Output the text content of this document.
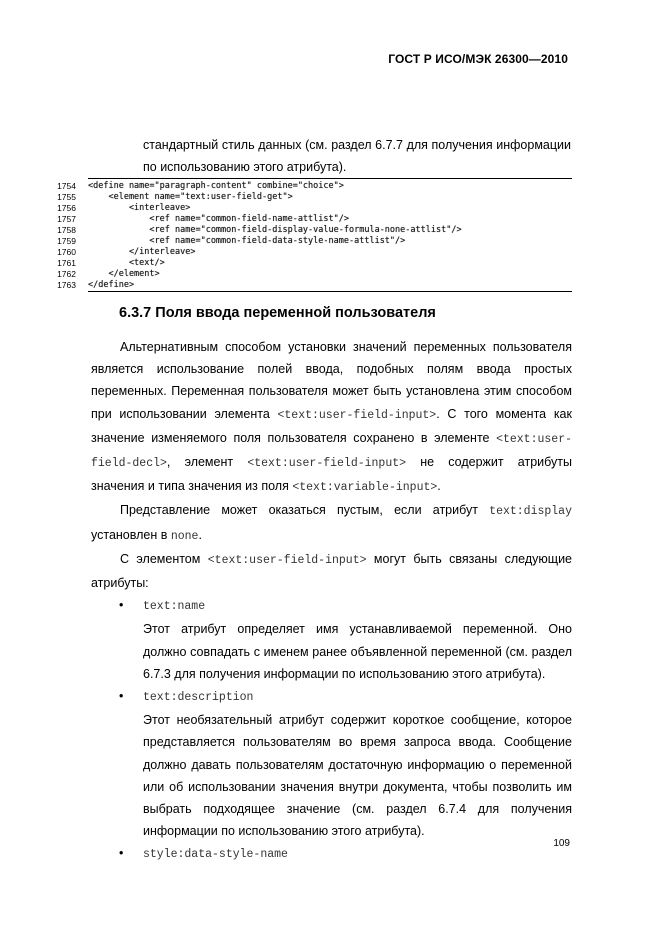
ГОСТ Р ИСО/МЭК 26300—2010
стандартный стиль данных (см. раздел 6.7.7 для получения информации по использованию этого атрибута).
1754 <define name="paragraph-content" combine="choice">
1755 <element name="text:user-field-get">
1756 <interleave>
1757 <ref name="common-field-name-attlist"/>
1758 <ref name="common-field-display-value-formula-none-attlist"/>
1759 <ref name="common-field-data-style-name-attlist"/>
1760 </interleave>
1761 <text/>
1762 </element>
1763 </define>
6.3.7 Поля ввода переменной пользователя

Альтернативным способом установки значений переменных пользователя является использование полей ввода, подобных полям ввода простых переменных. Переменная пользователя может быть установлена этим способом при использовании элемента <text:user-field-input>. С того момента как значение изменяемого поля пользователя сохранено в элементе <text:user-field-decl>, элемент <text:user-field-input> не содержит атрибуты значения и типа значения из поля <text:variable-input>.

Представление может оказаться пустым, если атрибут text:display установлен в none.

С элементом <text:user-field-input> могут быть связаны следующие атрибуты:

• text:name

Этот атрибут определяет имя устанавливаемой переменной. Оно должно совпадать с именем ранее объявленной переменной (см. раздел 6.7.3 для получения информации по использованию этого атрибута).

• text:description

Этот необязательный атрибут содержит короткое сообщение, которое представляется пользователям во время запроса ввода. Сообщение должно давать пользователям достаточную информацию о переменной или об использовании значения внутри документа, чтобы позволить им выбрать подходящее значение (см. раздел 6.7.4 для получения информации по использованию этого атрибута).

• style:data-style-name

109
